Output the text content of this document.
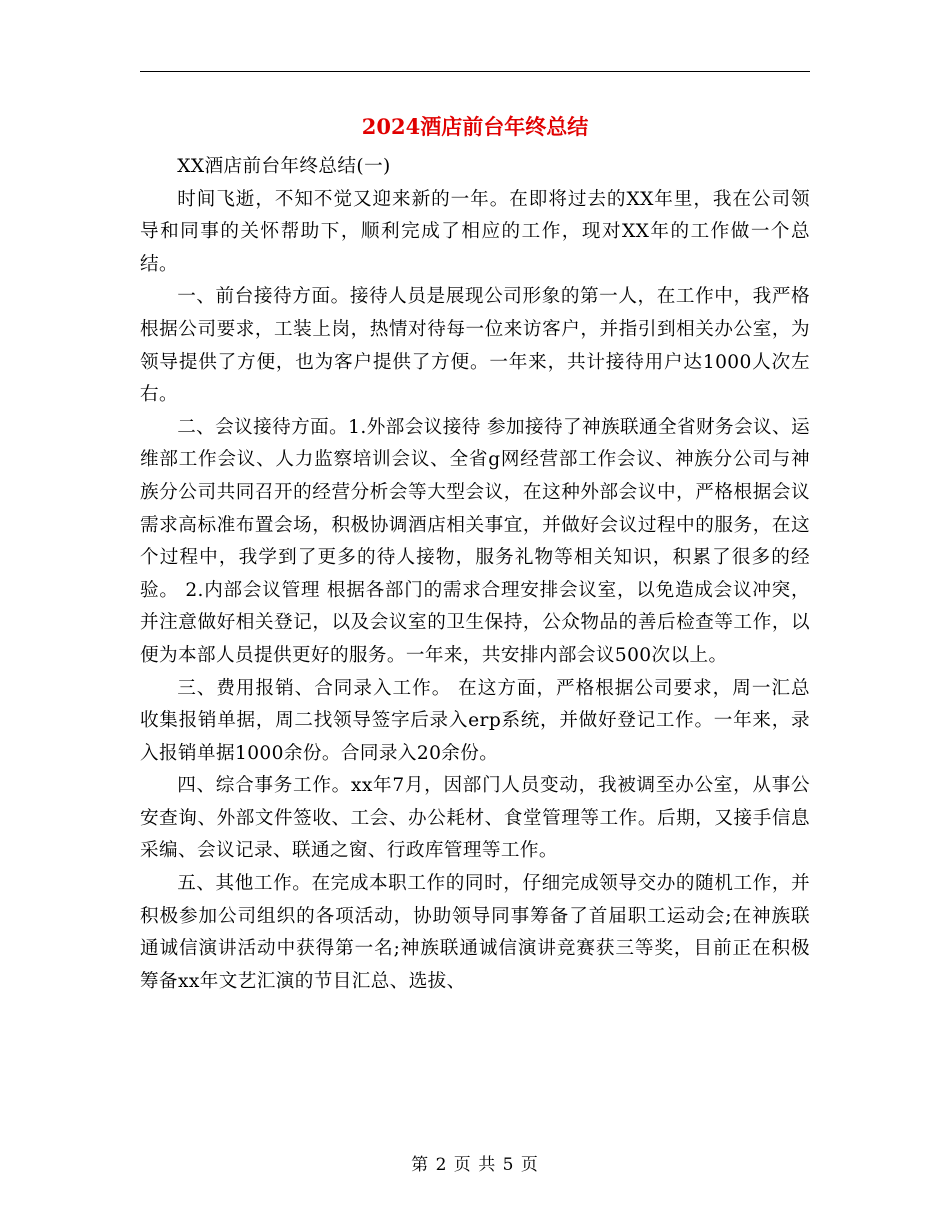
2024酒店前台年终总结

XX酒店前台年终总结(一)

时间飞逝，不知不觉又迎来新的一年。在即将过去的XX年里，我在公司领导和同事的关怀帮助下，顺利完成了相应的工作，现对XX年的工作做一个总结。

一、前台接待方面。接待人员是展现公司形象的第一人，在工作中，我严格根据公司要求，工装上岗，热情对待每一位来访客户，并指引到相关办公室，为领导提供了方便，也为客户提供了方便。一年来，共计接待用户达1000人次左右。

二、会议接待方面。1.外部会议接待 参加接待了神族联通全省财务会议、运维部工作会议、人力监察培训会议、全省g网经营部工作会议、神族分公司与神族分公司共同召开的经营分析会等大型会议，在这种外部会议中，严格根据会议需求高标准布置会场，积极协调酒店相关事宜，并做好会议过程中的服务，在这个过程中，我学到了更多的待人接物，服务礼物等相关知识，积累了很多的经验。 2.内部会议管理 根据各部门的需求合理安排会议室，以免造成会议冲突，并注意做好相关登记，以及会议室的卫生保持，公众物品的善后检查等工作，以便为本部人员提供更好的服务。一年来，共安排内部会议500次以上。

三、费用报销、合同录入工作。 在这方面，严格根据公司要求，周一汇总收集报销单据，周二找领导签字后录入erp系统，并做好登记工作。一年来，录入报销单据1000余份。合同录入20余份。

四、综合事务工作。xx年7月，因部门人员变动，我被调至办公室，从事公安查询、外部文件签收、工会、办公耗材、食堂管理等工作。后期，又接手信息采编、会议记录、联通之窗、行政库管理等工作。

五、其他工作。在完成本职工作的同时，仔细完成领导交办的随机工作，并积极参加公司组织的各项活动，协助领导同事筹备了首届职工运动会;在神族联通诚信演讲活动中获得第一名;神族联通诚信演讲竞赛获三等奖，目前正在积极筹备xx年文艺汇演的节目汇总、选拔、

第 2 页 共 5 页
